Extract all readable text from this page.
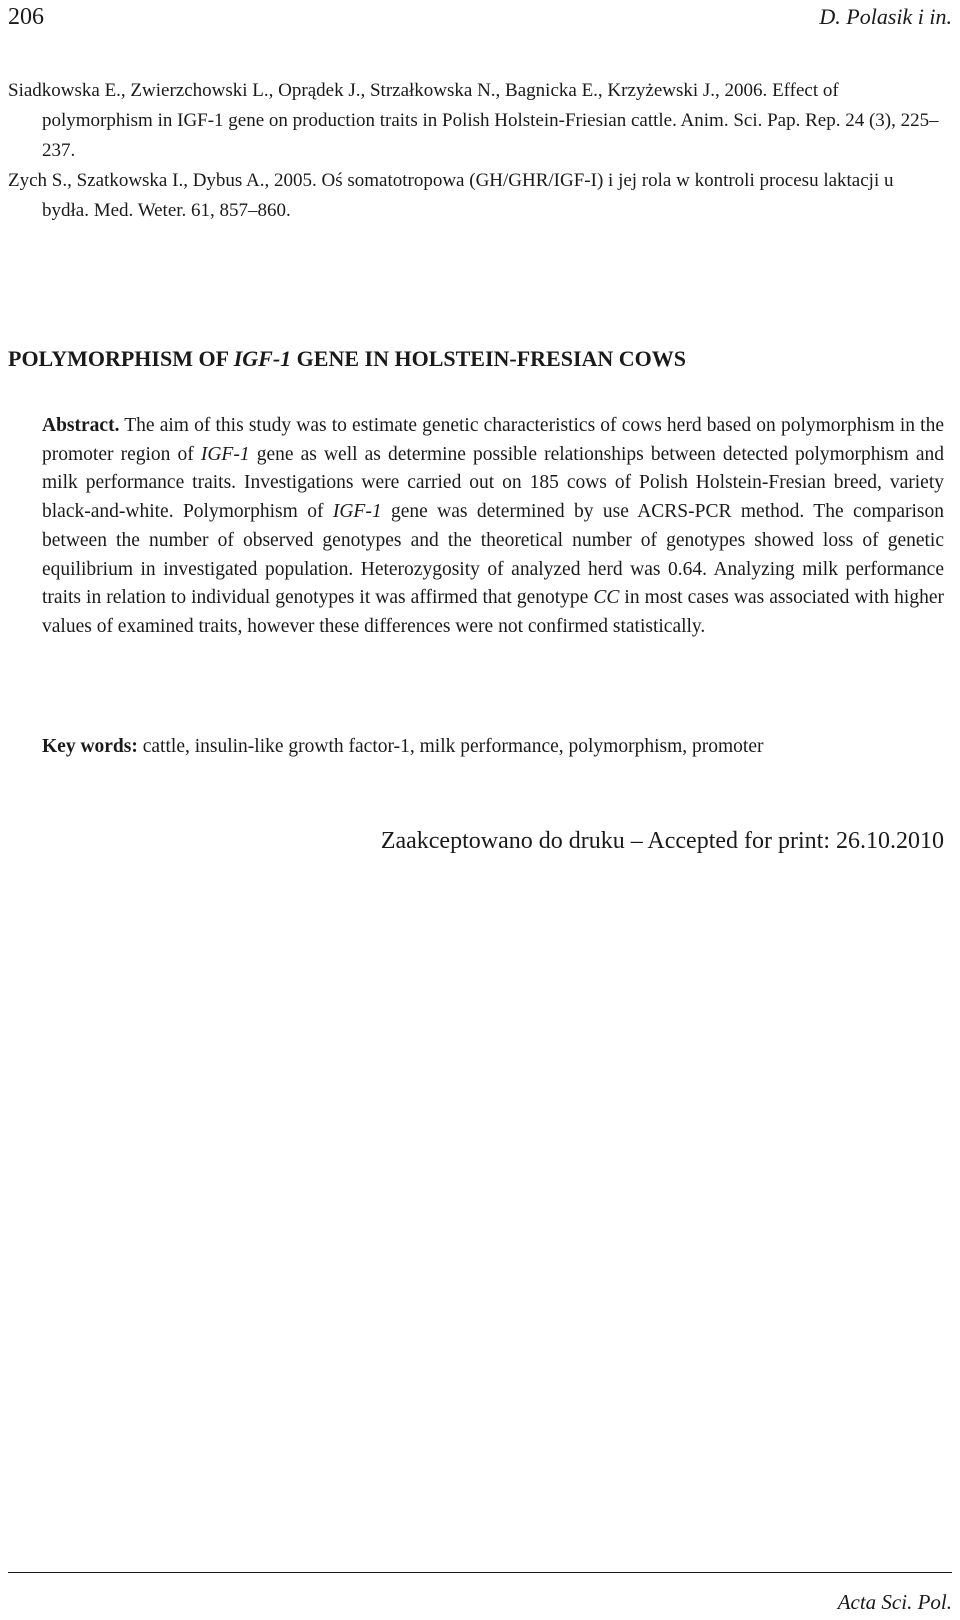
206	D. Polasik i in.

Siadkowska E., Zwierzchowski L., Oprądek J., Strzałkowska N., Bagnicka E., Krzyżewski J., 2006. Effect of polymorphism in IGF-1 gene on production traits in Polish Holstein-Friesian cattle. Anim. Sci. Pap. Rep. 24 (3), 225–237.

Zych S., Szatkowska I., Dybus A., 2005. Oś somatotropowa (GH/GHR/IGF-I) i jej rola w kontroli procesu laktacji u bydła. Med. Weter. 61, 857–860.

POLYMORPHISM OF IGF-1 GENE IN HOLSTEIN-FRESIAN COWS

Abstract. The aim of this study was to estimate genetic characteristics of cows herd based on polymorphism in the promoter region of IGF-1 gene as well as determine possible relationships between detected polymorphism and milk performance traits. Investigations were carried out on 185 cows of Polish Holstein-Fresian breed, variety black-and-white. Polymorphism of IGF-1 gene was determined by use ACRS-PCR method. The comparison between the number of observed genotypes and the theoretical number of genotypes showed loss of genetic equilibrium in investigated population. Heterozygosity of analyzed herd was 0.64. Analyzing milk performance traits in relation to individual genotypes it was affirmed that genotype CC in most cases was associated with higher values of examined traits, however these differences were not confirmed statistically.

Key words: cattle, insulin-like growth factor-1, milk performance, polymorphism, promoter

Zaakceptowano do druku – Accepted for print: 26.10.2010

Acta Sci. Pol.
